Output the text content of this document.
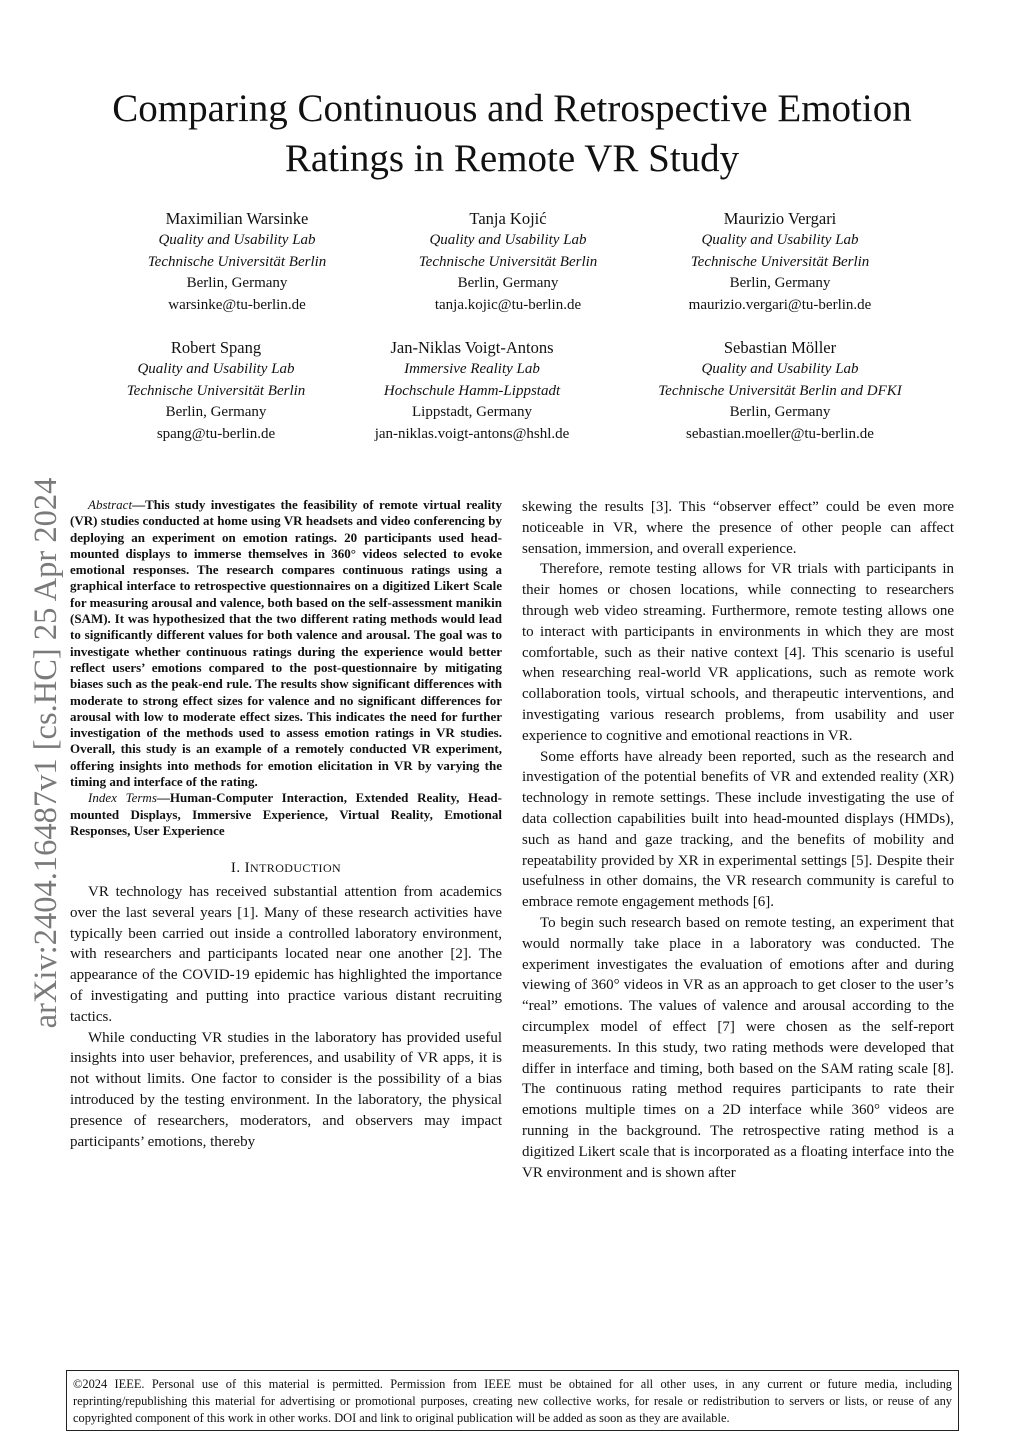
arXiv:2404.16487v1 [cs.HC] 25 Apr 2024
Comparing Continuous and Retrospective Emotion Ratings in Remote VR Study
Maximilian Warsinke
Quality and Usability Lab
Technische Universität Berlin
Berlin, Germany
warsinke@tu-berlin.de
Tanja Kojić
Quality and Usability Lab
Technische Universität Berlin
Berlin, Germany
tanja.kojic@tu-berlin.de
Maurizio Vergari
Quality and Usability Lab
Technische Universität Berlin
Berlin, Germany
maurizio.vergari@tu-berlin.de
Robert Spang
Quality and Usability Lab
Technische Universität Berlin
Berlin, Germany
spang@tu-berlin.de
Jan-Niklas Voigt-Antons
Immersive Reality Lab
Hochschule Hamm-Lippstadt
Lippstadt, Germany
jan-niklas.voigt-antons@hshl.de
Sebastian Möller
Quality and Usability Lab
Technische Universität Berlin and DFKI
Berlin, Germany
sebastian.moeller@tu-berlin.de

Abstract—This study investigates the feasibility of remote virtual reality (VR) studies conducted at home using VR headsets and video conferencing by deploying an experiment on emotion ratings. 20 participants used head-mounted displays to immerse themselves in 360° videos selected to evoke emotional responses. The research compares continuous ratings using a graphical interface to retrospective questionnaires on a digitized Likert Scale for measuring arousal and valence, both based on the self-assessment manikin (SAM). It was hypothesized that the two different rating methods would lead to significantly different values for both valence and arousal. The goal was to investigate whether continuous ratings during the experience would better reflect users’ emotions compared to the post-questionnaire by mitigating biases such as the peak-end rule. The results show significant differences with moderate to strong effect sizes for valence and no significant differences for arousal with low to moderate effect sizes. This indicates the need for further investigation of the methods used to assess emotion ratings in VR studies. Overall, this study is an example of a remotely conducted VR experiment, offering insights into methods for emotion elicitation in VR by varying the timing and interface of the rating.

Index Terms—Human-Computer Interaction, Extended Reality, Head-mounted Displays, Immersive Experience, Virtual Reality, Emotional Responses, User Experience

I. INTRODUCTION

VR technology has received substantial attention from academics over the last several years [1]. Many of these research activities have typically been carried out inside a controlled laboratory environment, with researchers and participants located near one another [2]. The appearance of the COVID-19 epidemic has highlighted the importance of investigating and putting into practice various distant recruiting tactics.

While conducting VR studies in the laboratory has provided useful insights into user behavior, preferences, and usability of VR apps, it is not without limits. One factor to consider is the possibility of a bias introduced by the testing environment. In the laboratory, the physical presence of researchers, moderators, and observers may impact participants’ emotions, thereby

skewing the results [3]. This “observer effect” could be even more noticeable in VR, where the presence of other people can affect sensation, immersion, and overall experience.

Therefore, remote testing allows for VR trials with participants in their homes or chosen locations, while connecting to researchers through web video streaming. Furthermore, remote testing allows one to interact with participants in environments in which they are most comfortable, such as their native context [4]. This scenario is useful when researching real-world VR applications, such as remote work collaboration tools, virtual schools, and therapeutic interventions, and investigating various research problems, from usability and user experience to cognitive and emotional reactions in VR.

Some efforts have already been reported, such as the research and investigation of the potential benefits of VR and extended reality (XR) technology in remote settings. These include investigating the use of data collection capabilities built into head-mounted displays (HMDs), such as hand and gaze tracking, and the benefits of mobility and repeatability provided by XR in experimental settings [5]. Despite their usefulness in other domains, the VR research community is careful to embrace remote engagement methods [6].

To begin such research based on remote testing, an experiment that would normally take place in a laboratory was conducted. The experiment investigates the evaluation of emotions after and during viewing of 360° videos in VR as an approach to get closer to the user’s “real” emotions. The values of valence and arousal according to the circumplex model of effect [7] were chosen as the self-report measurements. In this study, two rating methods were developed that differ in interface and timing, both based on the SAM rating scale [8]. The continuous rating method requires participants to rate their emotions multiple times on a 2D interface while 360° videos are running in the background. The retrospective rating method is a digitized Likert scale that is incorporated as a floating interface into the VR environment and is shown after

©2024 IEEE. Personal use of this material is permitted. Permission from IEEE must be obtained for all other uses, in any current or future media, including reprinting/republishing this material for advertising or promotional purposes, creating new collective works, for resale or redistribution to servers or lists, or reuse of any copyrighted component of this work in other works. DOI and link to original publication will be added as soon as they are available.
